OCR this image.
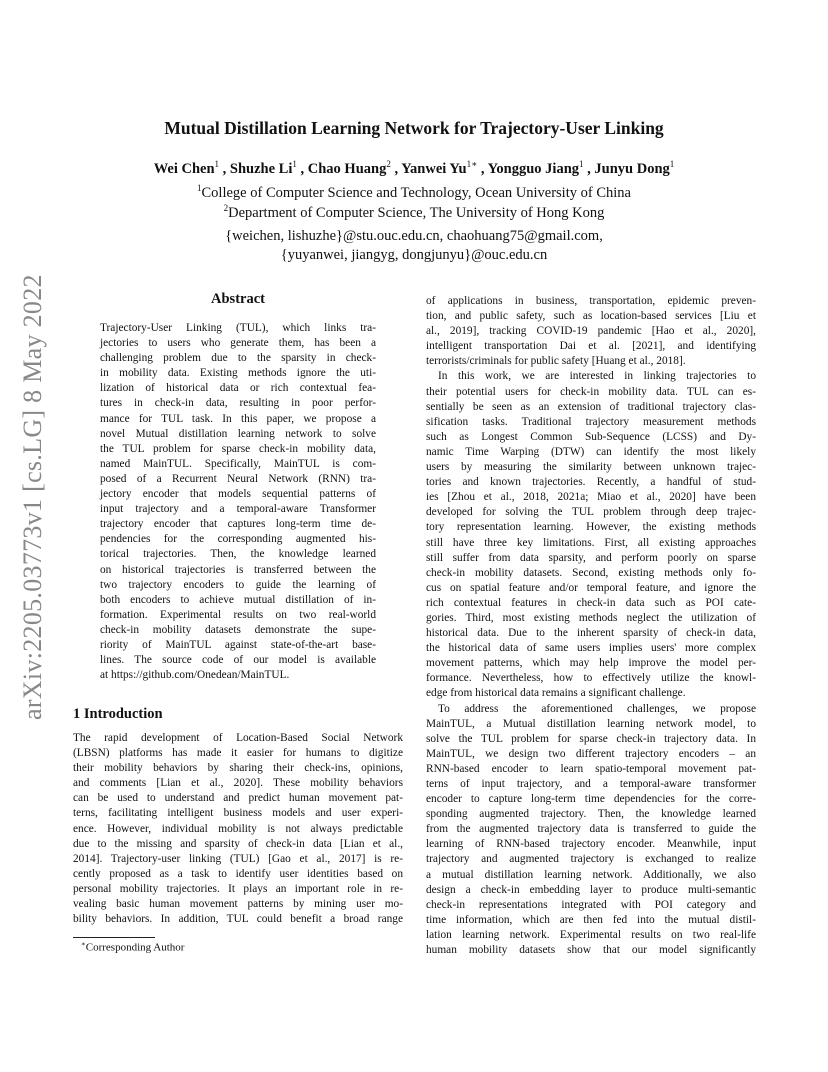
Mutual Distillation Learning Network for Trajectory-User Linking
Wei Chen$^1$ , Shuzhe Li$^1$ , Chao Huang$^2$ , Yanwei $Yu^{1∗}$ , Yongguo Jiang$^1$ , Junyu Dong$^1$
$^1$College of Computer Science and Technology, Ocean University of China
$^2$Department of Computer Science, The University of Hong Kong
{weichen, lishuzhe}@stu.ouc.edu.cn, chaohuang75@gmail.com,
{yuyanwei, jiangyg, dongjunyu}@ouc.edu.cn
arXiv:2205.03773v1 [cs.LG] 8 May 2022	Abstract
Trajectory-User Linking (TUL), which links tra-
jectories to users who generate them, has been a
challenging problem due to the sparsity in check-
in mobility data. Existing methods ignore the uti-
lization of historical data or rich contextual fea-
tures in check-in data, resulting in poor perfor-
mance for TUL task. In this paper, we propose a
novel Mutual distillation learning network to solve
the TUL problem for sparse check-in mobility data,
named MainTUL. Specifically, MainTUL is com-
posed of a Recurrent Neural Network (RNN) tra-
jectory encoder that models sequential patterns of
input trajectory and a temporal-aware Transformer
trajectory encoder that captures long-term time de-
pendencies for the corresponding augmented his-
torical trajectories. Then, the knowledge learned
on historical trajectories is transferred between the
two trajectory encoders to guide the learning of
both encoders to achieve mutual distillation of in-
formation. Experimental results on two real-world
check-in mobility datasets demonstrate the supe-
riority of MainTUL against state-of-the-art base-
lines. The source code of our model is available
at https://github.com/Onedean/MainTUL.
1 Introduction
The rapid development of Location-Based Social Network
(LBSN) platforms has made it easier for humans to digitize
their mobility behaviors by sharing their check-ins, opinions,
and comments [Lian et al., 2020]. These mobility behaviors
can be used to understand and predict human movement pat-
terns, facilitating intelligent business models and user experi-
ence. However, individual mobility is not always predictable
due to the missing and sparsity of check-in data [Lian et al.,
2014]. Trajectory-user linking (TUL) [Gao et al., 2017] is re-
cently proposed as a task to identify user identities based on
personal mobility trajectories. It plays an important role in re-
vealing basic human movement patterns by mining user mo-
bility behaviors. In addition, TUL could benefit a broad range
∗Corresponding Author
of applications in business, transportation, epidemic preven-
tion, and public safety, such as location-based services [Liu et
al., 2019], tracking COVID-19 pandemic [Hao et al., 2020],
intelligent transportation Dai et al. [2021], and identifying
terrorists/criminals for public safety [Huang et al., 2018].
In this work, we are interested in linking trajectories to
their potential users for check-in mobility data. TUL can es-
sentially be seen as an extension of traditional trajectory clas-
sification tasks. Traditional trajectory measurement methods
such as Longest Common Sub-Sequence (LCSS) and Dy-
namic Time Warping (DTW) can identify the most likely
users by measuring the similarity between unknown trajec-
tories and known trajectories. Recently, a handful of stud-
ies [Zhou et al., 2018, 2021a; Miao et al., 2020] have been
developed for solving the TUL problem through deep trajec-
tory representation learning. However, the existing methods
still have three key limitations. First, all existing approaches
still suffer from data sparsity, and perform poorly on sparse
check-in mobility datasets. Second, existing methods only fo-
cus on spatial feature and/or temporal feature, and ignore the
rich contextual features in check-in data such as POI cate-
gories. Third, most existing methods neglect the utilization of
historical data. Due to the inherent sparsity of check-in data,
the historical data of same users implies users' more complex
movement patterns, which may help improve the model per-
formance. Nevertheless, how to effectively utilize the knowl-
edge from historical data remains a significant challenge.
To address the aforementioned challenges, we propose
MainTUL, a Mutual distillation learning network model, to
solve the TUL problem for sparse check-in trajectory data. In
MainTUL, we design two different trajectory encoders – an
RNN-based encoder to learn spatio-temporal movement pat-
terns of input trajectory, and a temporal-aware transformer
encoder to capture long-term time dependencies for the corre-
sponding augmented trajectory. Then, the knowledge learned
from the augmented trajectory data is transferred to guide the
learning of RNN-based trajectory encoder. Meanwhile, input
trajectory and augmented trajectory is exchanged to realize
a mutual distillation learning network. Additionally, we also
design a check-in embedding layer to produce multi-semantic
check-in representations integrated with POI category and
time information, which are then fed into the mutual distil-
lation learning network. Experimental results on two real-life
human mobility datasets show that our model significantly
